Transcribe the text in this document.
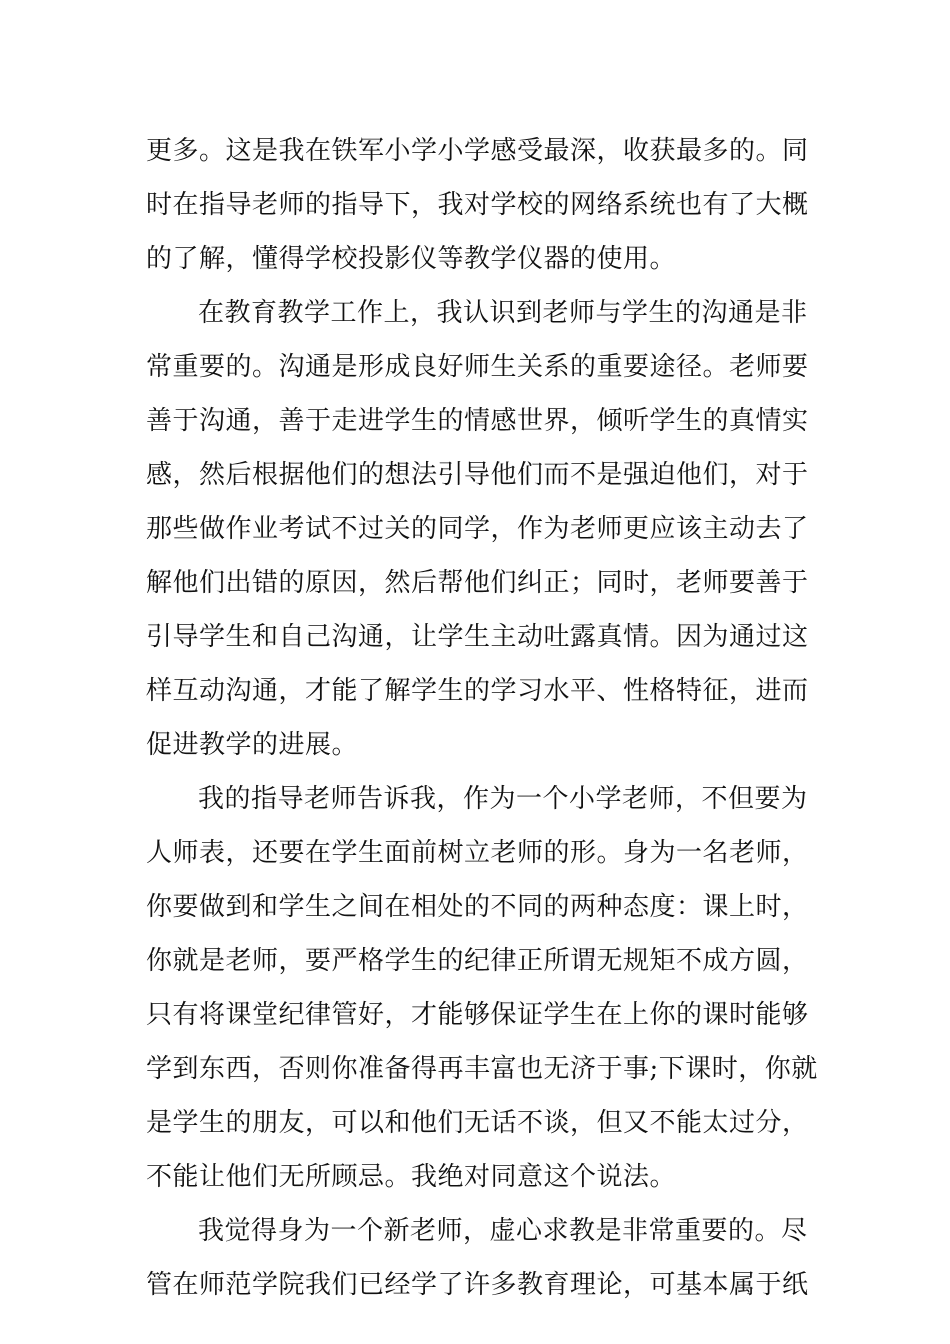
更多。这是我在铁军小学小学感受最深，收获最多的。同
时在指导老师的指导下，我对学校的网络系统也有了大概
的了解，懂得学校投影仪等教学仪器的使用。

在教育教学工作上，我认识到老师与学生的沟通是非
常重要的。沟通是形成良好师生关系的重要途径。老师要
善于沟通，善于走进学生的情感世界，倾听学生的真情实
感，然后根据他们的想法引导他们而不是强迫他们，对于
那些做作业考试不过关的同学，作为老师更应该主动去了
解他们出错的原因，然后帮他们纠正；同时，老师要善于
引导学生和自己沟通，让学生主动吐露真情。因为通过这
样互动沟通，才能了解学生的学习水平、性格特征，进而
促进教学的进展。

我的指导老师告诉我，作为一个小学老师，不但要为
人师表，还要在学生面前树立老师的形。身为一名老师，
你要做到和学生之间在相处的不同的两种态度：课上时，
你就是老师，要严格学生的纪律正所谓无规矩不成方圆，
只有将课堂纪律管好，才能够保证学生在上你的课时能够
学到东西，否则你准备得再丰富也无济于事;下课时，你就
是学生的朋友，可以和他们无话不谈，但又不能太过分，
不能让他们无所顾忌。我绝对同意这个说法。

我觉得身为一个新老师，虚心求教是非常重要的。尽
管在师范学院我们已经学了许多教育理论，可基本属于纸
